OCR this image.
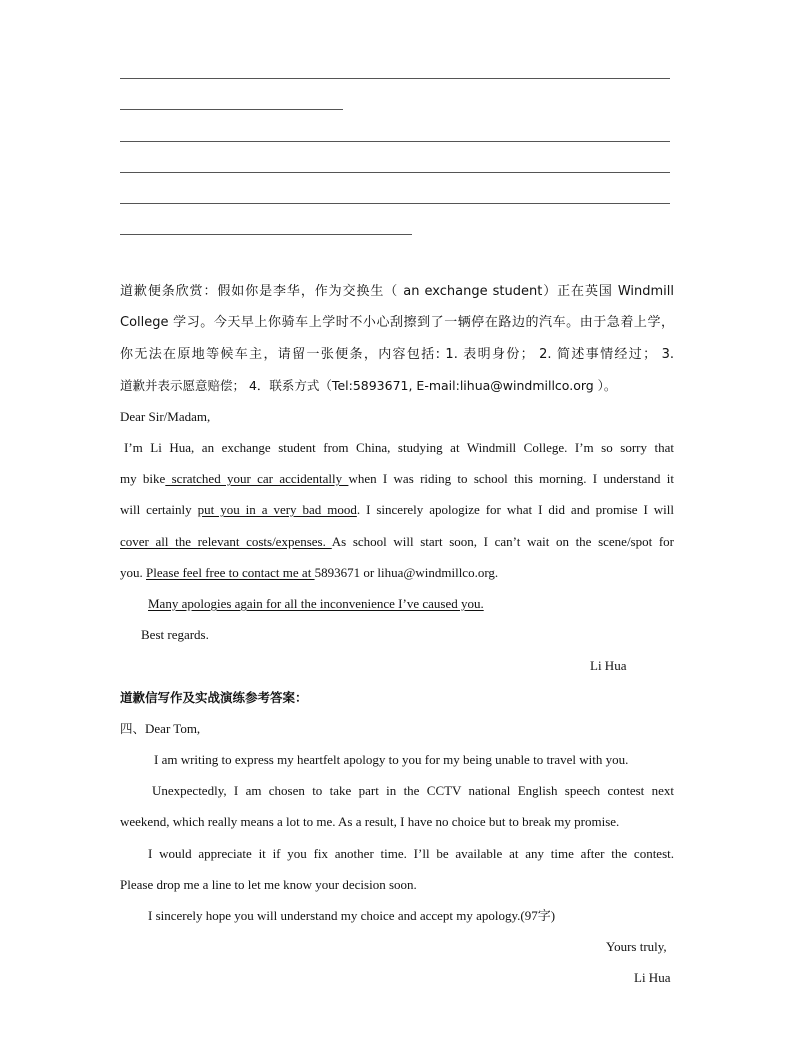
道歉便条欣赏：假如你是李华，作为交换生（ an exchange student）正在英国 Windmill
College 学习。今天早上你骑车上学时不小心刮擦到了一辆停在路边的汽车。由于急着上学，
你无法在原地等候车主，请留一张便条，内容包括: 1. 表明身份； 2. 简述事情经过； 3.
道歉并表示愿意赔偿； 4．联系方式（Tel:5893671, E-mail:lihua@windmillco.org ）。
Dear Sir/Madam,
I’m Li Hua, an exchange student from China, studying at Windmill College. I’m so sorry that
my bike scratched your car accidentally when I was riding to school this morning. I understand it
will certainly put you in a very bad mood. I sincerely apologize for what I did and promise I will
cover all the relevant costs/expenses. As school will start soon, I can’t wait on the scene/spot for
you. Please feel free to contact me at 5893671 or lihua@windmillco.org.
Many apologies again for all the inconvenience I’ve caused you.
Best regards.
Li Hua
道歉信写作及实战演练参考答案：
四、Dear Tom,
I am writing to express my heartfelt apology to you for my being unable to travel with you.
Unexpectedly, I am chosen to take part in the CCTV national English speech contest next
weekend, which really means a lot to me. As a result, I have no choice but to break my promise.
I would appreciate it if you fix another time. I’ll be available at any time after the contest.
Please drop me a line to let me know your decision soon.
I sincerely hope you will understand my choice and accept my apology.(97字)
Yours truly,
Li Hua
